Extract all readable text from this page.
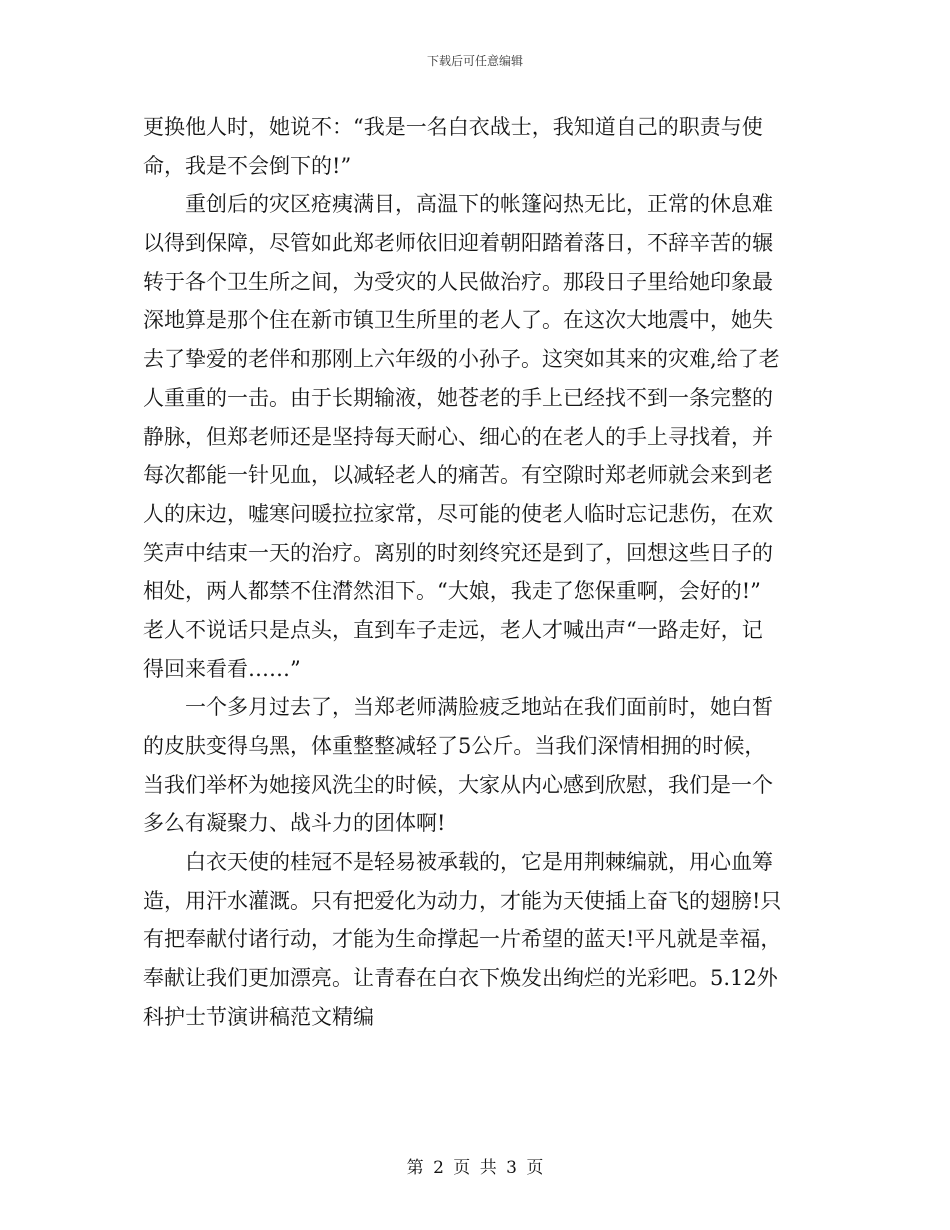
下载后可任意编辑
更换他人时，她说不：“我是一名白衣战士，我知道自己的职责与使
命，我是不会倒下的!”
重创后的灾区疮痍满目，高温下的帐篷闷热无比，正常的休息难
以得到保障，尽管如此郑老师依旧迎着朝阳踏着落日，不辞辛苦的辗
转于各个卫生所之间，为受灾的人民做治疗。那段日子里给她印象最
深地算是那个住在新市镇卫生所里的老人了。在这次大地震中，她失
去了挚爱的老伴和那刚上六年级的小孙子。这突如其来的灾难,给了老
人重重的一击。由于长期输液，她苍老的手上已经找不到一条完整的
静脉，但郑老师还是坚持每天耐心、细心的在老人的手上寻找着，并
每次都能一针见血，以减轻老人的痛苦。有空隙时郑老师就会来到老
人的床边，嘘寒问暖拉拉家常，尽可能的使老人临时忘记悲伤，在欢
笑声中结束一天的治疗。离别的时刻终究还是到了，回想这些日子的
相处，两人都禁不住潸然泪下。“大娘，我走了您保重啊，会好的!”
老人不说话只是点头，直到车子走远，老人才喊出声“一路走好，记
得回来看看……”
一个多月过去了，当郑老师满脸疲乏地站在我们面前时，她白皙
的皮肤变得乌黑，体重整整减轻了5公斤。当我们深情相拥的时候，
当我们举杯为她接风洗尘的时候，大家从内心感到欣慰，我们是一个
多么有凝聚力、战斗力的团体啊!
白衣天使的桂冠不是轻易被承载的，它是用荆棘编就，用心血筹
造，用汗水灌溉。只有把爱化为动力，才能为天使插上奋飞的翅膀!只
有把奉献付诸行动，才能为生命撑起一片希望的蓝天!平凡就是幸福，
奉献让我们更加漂亮。让青春在白衣下焕发出绚烂的光彩吧。5.12外
科护士节演讲稿范文精编
第 2 页 共 3 页
